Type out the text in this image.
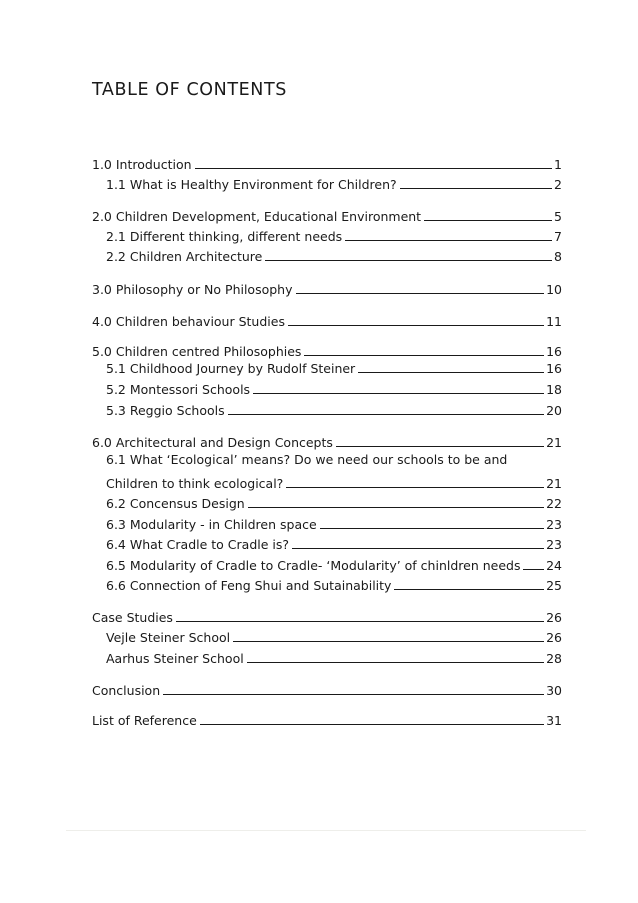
TABLE OF CONTENTS
1.0 Introduction	1
1.1 What is Healthy Environment for Children?	2
2.0 Children Development, Educational Environment	5
2.1 Different thinking, different needs	7
2.2 Children Architecture	8
3.0 Philosophy or No Philosophy	10
4.0 Children behaviour Studies	11
5.0 Children centred Philosophies	16
5.1 Childhood Journey by Rudolf Steiner	16
5.2 Montessori Schools	18
5.3 Reggio Schools	20
6.0 Architectural and Design Concepts	21
6.1 What ‘Ecological’ means? Do we need our schools to be and
Children to think ecological?	21
6.2 Concensus Design	22
6.3 Modularity - in Children space	23
6.4 What Cradle to Cradle is?	23
6.5 Modularity of Cradle to Cradle- ‘Modularity’ of chinldren needs 24
6.6 Connection of Feng Shui and Sutainability	25
Case Studies	26
Vejle Steiner School	26
Aarhus Steiner School	28
Conclusion	30
List of Reference	31
